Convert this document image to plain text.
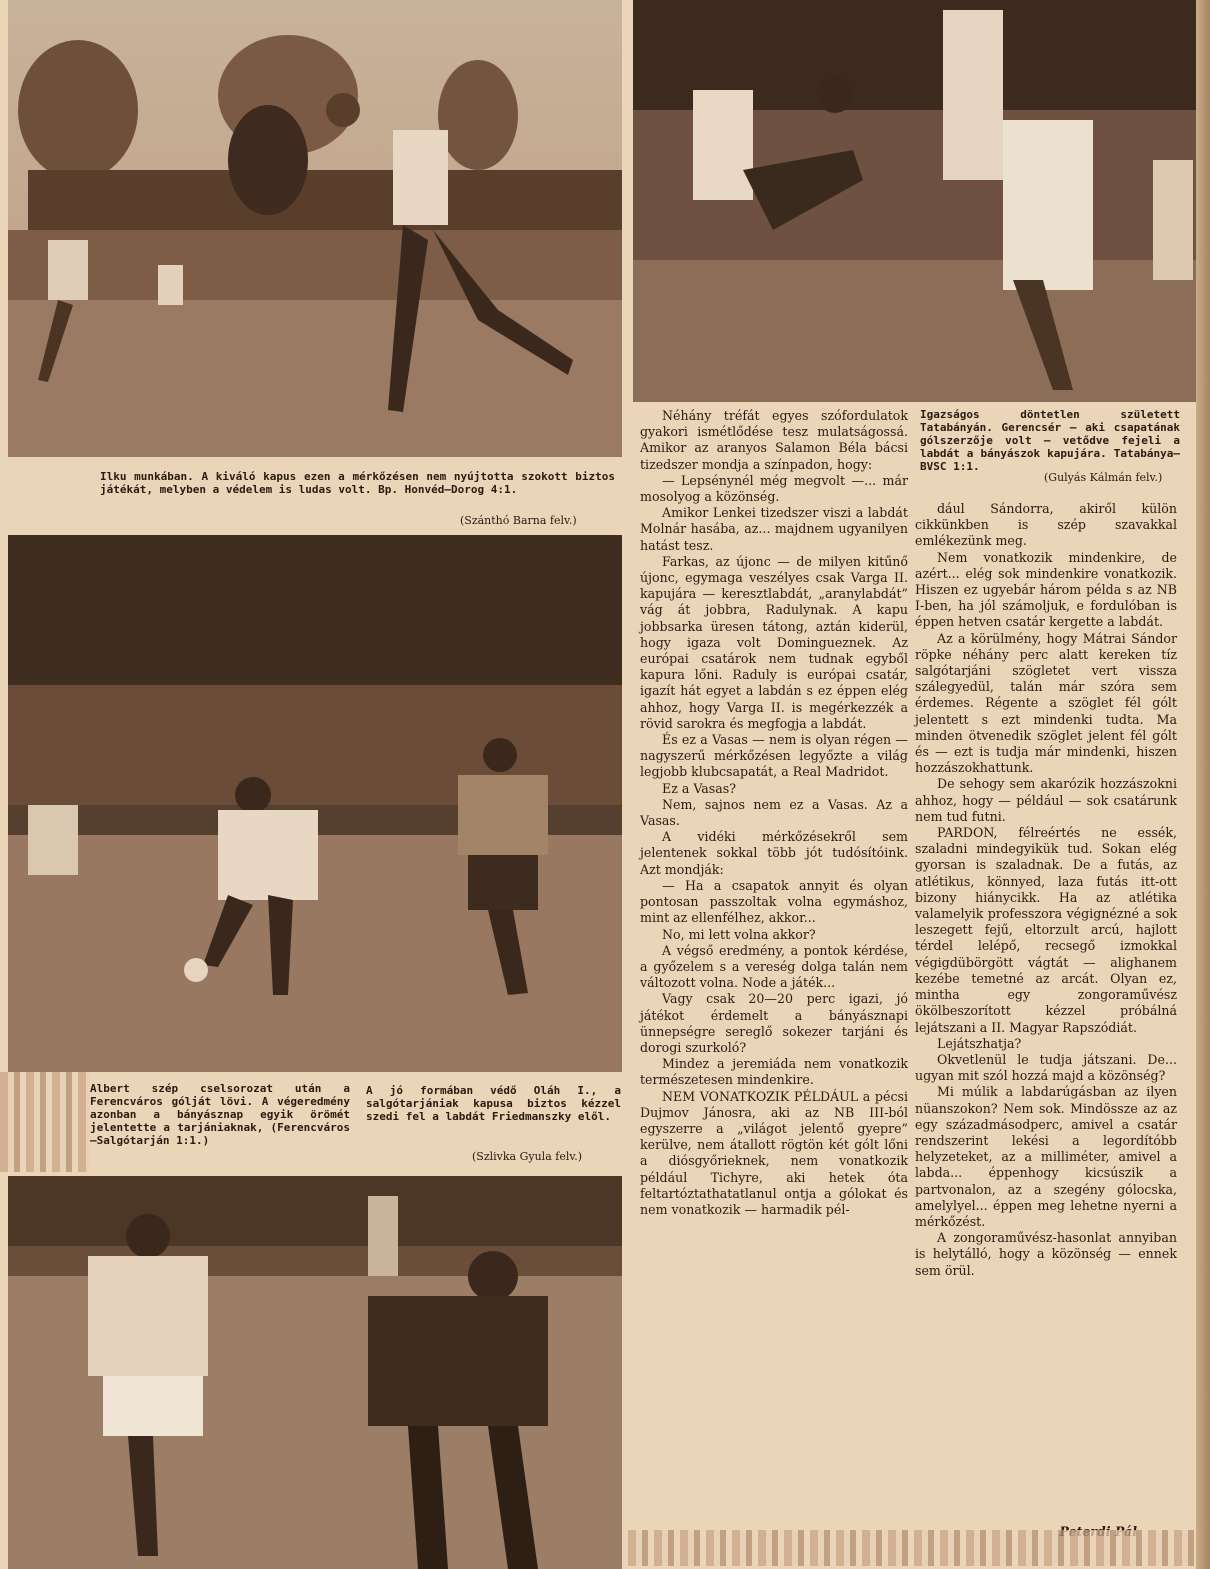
Ilku munkában. A kiváló kapus ezen a mérkőzésen nem nyújtotta szokott biztos játékát, melyben a védelem is ludas volt. Bp. Honvéd—Dorog 4:1.
(Szánthó Barna felv.)
Igazságos döntetlen született Tatabányán. Gerencsér — aki csapatának gólszerzője volt — vetődve fejeli a labdát a bányászok kapujára. Tatabánya—BVSC 1:1.
(Gulyás Kálmán felv.)
Albert szép cselsorozat után a Ferencváros gólját lövi. A végeredmény azonban a bányásznap egyik örömét jelentette a tarjániaknak, (Ferencváros—Salgótarján 1:1.)
A jó formában védő Oláh I., a salgótarjániak kapusa biztos kézzel szedi fel a labdát Friedmanszky elől.
(Szlivka Gyula felv.)

Néhány tréfát egyes szófordulatok gyakori ismétlődése tesz mulatságossá. Amikor az aranyos Salamon Béla bácsi tizedszer mondja a színpadon, hogy:

— Lepsénynél még megvolt —... már mosolyog a közönség.

Amikor Lenkei tizedszer viszi a labdát Molnár hasába, az... majdnem ugyanilyen hatást tesz.

Farkas, az újonc — de milyen kitűnő újonc, egymaga veszélyes csak Varga II. kapujára — keresztlabdát, „aranylabdát” vág át jobbra, Radulynak. A kapu jobbsarka üresen tátong, aztán kiderül, hogy igaza volt Domingueznek. Az európai csatárok nem tudnak egyből kapura lőni. Raduly is európai csatár, igazít hát egyet a labdán s ez éppen elég ahhoz, hogy Varga II. is megérkezzék a rövid sarokra és megfogja a labdát.

És ez a Vasas — nem is olyan régen — nagyszerű mérkőzésen legyőzte a világ legjobb klubcsapatát, a Real Madridot.

Ez a Vasas?

Nem, sajnos nem ez a Vasas. Az a Vasas.

A vidéki mérkőzésekről sem jelentenek sokkal több jót tudósítóink. Azt mondják:

— Ha a csapatok annyit és olyan pontosan passzoltak volna egymáshoz, mint az ellenfélhez, akkor...

No, mi lett volna akkor?

A végső eredmény, a pontok kérdése, a győzelem s a vereség dolga talán nem változott volna. Node a játék...

Vagy csak 20—20 perc igazi, jó játékot érdemelt a bányásznapi ünnepségre sereglő sokezer tarjáni és dorogi szurkoló?

Mindez a jeremiáda nem vonatkozik természetesen mindenkire.

NEM VONATKOZIK PÉLDÁUL a pécsi Dujmov Jánosra, aki az NB III-ból egyszerre a „világot jelentő gyepre” kerülve, nem átallott rögtön két gólt lőni a diósgyőrieknek, nem vonatkozik például Tichyre, aki hetek óta feltartóztathatatlanul ontja a gólokat és nem vonatkozik — harmadik pél-

dául Sándorra, akiről külön cikkünkben is szép szavakkal emlékezünk meg.

Nem vonatkozik mindenkire, de azért... elég sok mindenkire vonatkozik. Hiszen ez ugyebár három példa s az NB I-ben, ha jól számoljuk, e fordulóban is éppen hetven csatár kergette a labdát.

Az a körülmény, hogy Mátrai Sándor röpke néhány perc alatt kereken tíz salgótarjáni szögletet vert vissza szálegyedül, talán már szóra sem érdemes. Régente a szöglet fél gólt jelentett s ezt mindenki tudta. Ma minden ötvenedik szöglet jelent fél gólt és — ezt is tudja már mindenki, hiszen hozzászokhattunk.

De sehogy sem akarózik hozzászokni ahhoz, hogy — például — sok csatárunk nem tud futni.

PARDON, félreértés ne essék, szaladni mindegyikük tud. Sokan elég gyorsan is szaladnak. De a futás, az atlétikus, könnyed, laza futás itt-ott bizony hiánycikk. Ha az atlétika valamelyik professzora végignézné a sok leszegett fejű, eltorzult arcú, hajlott térdel lelépő, recsegő izmokkal végigdübörgött vágtát — alighanem kezébe temetné az arcát. Olyan ez, mintha egy zongoraművész ökölbeszorított kézzel próbálná lejátszani a II. Magyar Rapszódiát.

Lejátszhatja?

Okvetlenül le tudja játszani. De... ugyan mit szól hozzá majd a közönség?

Mi múlik a labdarúgásban az ilyen nüanszokon? Nem sok. Mindössze az az egy századmásodperc, amivel a csatár rendszerint lekési a legordítóbb helyzeteket, az a milliméter, amivel a labda... éppenhogy kicsúszik a partvonalon, az a szegény gólocska, amelylyel... éppen meg lehetne nyerni a mérkőzést.

A zongoraművész-hasonlat annyiban is helytálló, hogy a közönség — ennek sem örül.
